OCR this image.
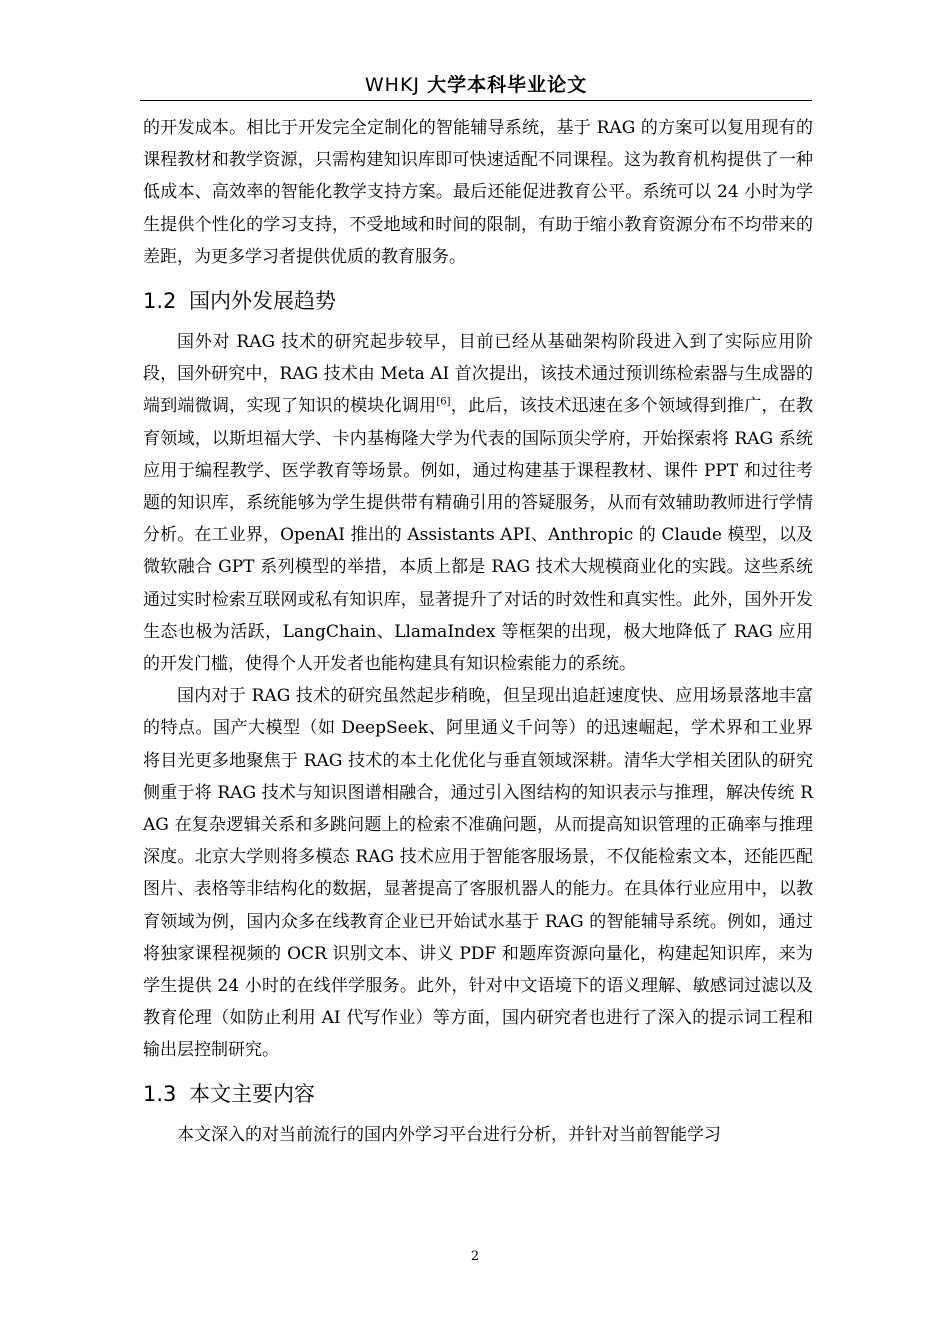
WHKJ 大学本科毕业论文

的开发成本。相比于开发完全定制化的智能辅导系统，基于 RAG 的方案可以复用现有的课程教材和教学资源，只需构建知识库即可快速适配不同课程。这为教育机构提供了一种低成本、高效率的智能化教学支持方案。最后还能促进教育公平。系统可以 24 小时为学生提供个性化的学习支持，不受地域和时间的限制，有助于缩小教育资源分布不均带来的差距，为更多学习者提供优质的教育服务。

1.2 国内外发展趋势

国外对 RAG 技术的研究起步较早，目前已经从基础架构阶段进入到了实际应用阶段，国外研究中，RAG 技术由 Meta AI 首次提出，该技术通过预训练检索器与生成器的端到端微调，实现了知识的模块化调用[6]，此后，该技术迅速在多个领域得到推广，在教育领域，以斯坦福大学、卡内基梅隆大学为代表的国际顶尖学府，开始探索将 RAG 系统应用于编程教学、医学教育等场景。例如，通过构建基于课程教材、课件 PPT 和过往考题的知识库，系统能够为学生提供带有精确引用的答疑服务，从而有效辅助教师进行学情分析。在工业界，OpenAI 推出的 Assistants API、Anthropic 的 Claude 模型，以及微软融合 GPT 系列模型的举措，本质上都是 RAG 技术大规模商业化的实践。这些系统通过实时检索互联网或私有知识库，显著提升了对话的时效性和真实性。此外，国外开发生态也极为活跃，LangChain、LlamaIndex 等框架的出现，极大地降低了 RAG 应用的开发门槛，使得个人开发者也能构建具有知识检索能力的系统。

国内对于 RAG 技术的研究虽然起步稍晚，但呈现出追赶速度快、应用场景落地丰富的特点。国产大模型（如 DeepSeek、阿里通义千问等）的迅速崛起，学术界和工业界将目光更多地聚焦于 RAG 技术的本土化优化与垂直领域深耕。清华大学相关团队的研究侧重于将 RAG 技术与知识图谱相融合，通过引入图结构的知识表示与推理，解决传统 RAG 在复杂逻辑关系和多跳问题上的检索不准确问题，从而提高知识管理的正确率与推理深度。北京大学则将多模态 RAG 技术应用于智能客服场景，不仅能检索文本，还能匹配图片、表格等非结构化的数据，显著提高了客服机器人的能力。在具体行业应用中，以教育领域为例，国内众多在线教育企业已开始试水基于 RAG 的智能辅导系统。例如，通过将独家课程视频的 OCR 识别文本、讲义 PDF 和题库资源向量化，构建起知识库，来为学生提供 24 小时的在线伴学服务。此外，针对中文语境下的语义理解、敏感词过滤以及教育伦理（如防止利用 AI 代写作业）等方面，国内研究者也进行了深入的提示词工程和输出层控制研究。

1.3 本文主要内容

本文深入的对当前流行的国内外学习平台进行分析，并针对当前智能学习

2
